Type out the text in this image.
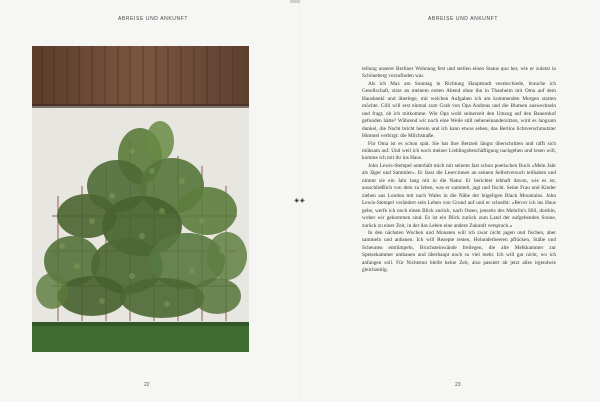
ABREISE UND ANKUNFT
22
ABREISE UND ANKUNFT

teilung unserer Berliner Wohnung fest und stellen einen Status quo her, wie er zuletzt in Schöneberg vorzufinden war.

Als ich Max am Sonntag in Richtung Hauptstadt verabschiede, brauche ich Gesellschaft, sitze an meinem ersten Abend ohne ihn in Thanheim mit Oma auf dem Hausbankl und überlege, mit welchen Aufgaben ich am kommenden Morgen starten möchte. Cilli will erst einmal zum Grab von Opa Andreas und die Blumen auswechseln und fragt, ob ich mitkomme. Wie Opa wohl seinerzeit den Umzug auf den Bauernhof gefunden hätte? Während wir noch eine Weile still nebeneinandersitzen, wird es langsam dunkel, die Nacht bricht herein und ich kann etwas sehen, das Berlins lichtverschmutzter Himmel verbirgt: die Milchstraße.

Für Oma ist es schon spät. Sie hat ihre Bettzeit längst überschritten und rafft sich mühsam auf. Und weil ich noch meiner Lieblingsbeschäftigung nachgehen und lesen will, komme ich mit ihr ins Haus.

John Lewis-Stempel unterhält mich mit seinem fast schon poetischen Buch »Mein Jahr als Jäger und Sammler«. Er lässt die Leser:innen an seinem Selbstversuch teilhaben und nimmt sie ein Jahr lang mit in die Natur. Er berichtet lebhaft davon, wie es ist, ausschließlich von dem zu leben, was er sammelt, jagt und fischt. Seine Frau und Kinder ziehen aus London mit nach Wales in die Nähe der hügeligen Black Mountains. John Lewis-Stempel verändert sein Leben von Grund auf und er schreibt: »Bevor ich ins Haus gehe, werfe ich noch einen Blick zurück, nach Osten, jenseits des Mehrlin's Hill, dorthin, woher wir gekommen sind. Es ist ein Blick zurück zum Land der aufgehenden Sonne, zurück zu einer Zeit, in der das Leben eine andere Zukunft versprach.«

In den nächsten Wochen und Monaten will ich zwar nicht jagen und fischen, aber sammeln und anbauen. Ich will Rezepte testen, Holunderbeeren pflücken, Ställe und Scheunen entrümpeln, Bruchsteinwände freilegen, die alte Melkkammer zur Speisekammer umbauen und überhaupt noch so viel mehr. Ich will gar nicht, wo ich anfangen soll. Für Nichtstun bleibt keine Zeit, also passiert ab jetzt alles irgendwie gleichzeitig.

23
◈◈
